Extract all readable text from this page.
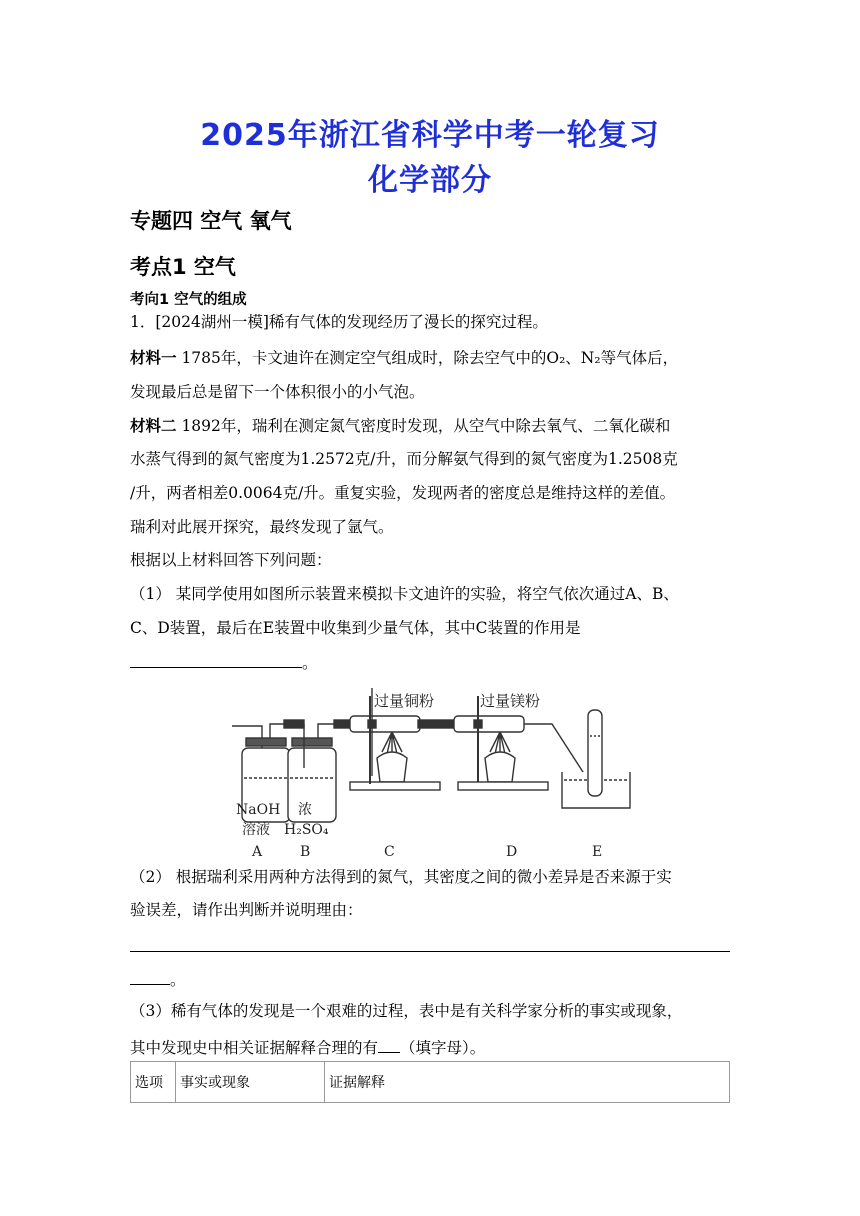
2025年浙江省科学中考一轮复习
化学部分
专题四 空气 氧气
考点1 空气
考向1 空气的组成
1．[2024湖州一模]稀有气体的发现经历了漫长的探究过程。
材料一 1785年，卡文迪许在测定空气组成时，除去空气中的O₂、N₂等气体后，
发现最后总是留下一个体积很小的小气泡。
材料二 1892年，瑞利在测定氮气密度时发现，从空气中除去氧气、二氧化碳和
水蒸气得到的氮气密度为1.2572克/升，而分解氨气得到的氮气密度为1.2508克
/升，两者相差0.0064克/升。重复实验，发现两者的密度总是维持这样的差值。
瑞利对此展开探究，最终发现了氩气。
根据以上材料回答下列问题：
（1） 某同学使用如图所示装置来模拟卡文迪许的实验，将空气依次通过A、B、
C、D装置，最后在E装置中收集到少量气体，其中C装置的作用是
。
过量铜粉	过量镁粉
NaOH
溶液
浓
H₂SO₄
A	B	C	D	E
（2） 根据瑞利采用两种方法得到的氮气，其密度之间的微小差异是否来源于实
验误差，请作出判断并说明理由：
。
（3）稀有气体的发现是一个艰难的过程，表中是有关科学家分析的事实或现象，
其中发现史中相关证据解释合理的有 （填字母）。
选项	事实或现象	证据解释
